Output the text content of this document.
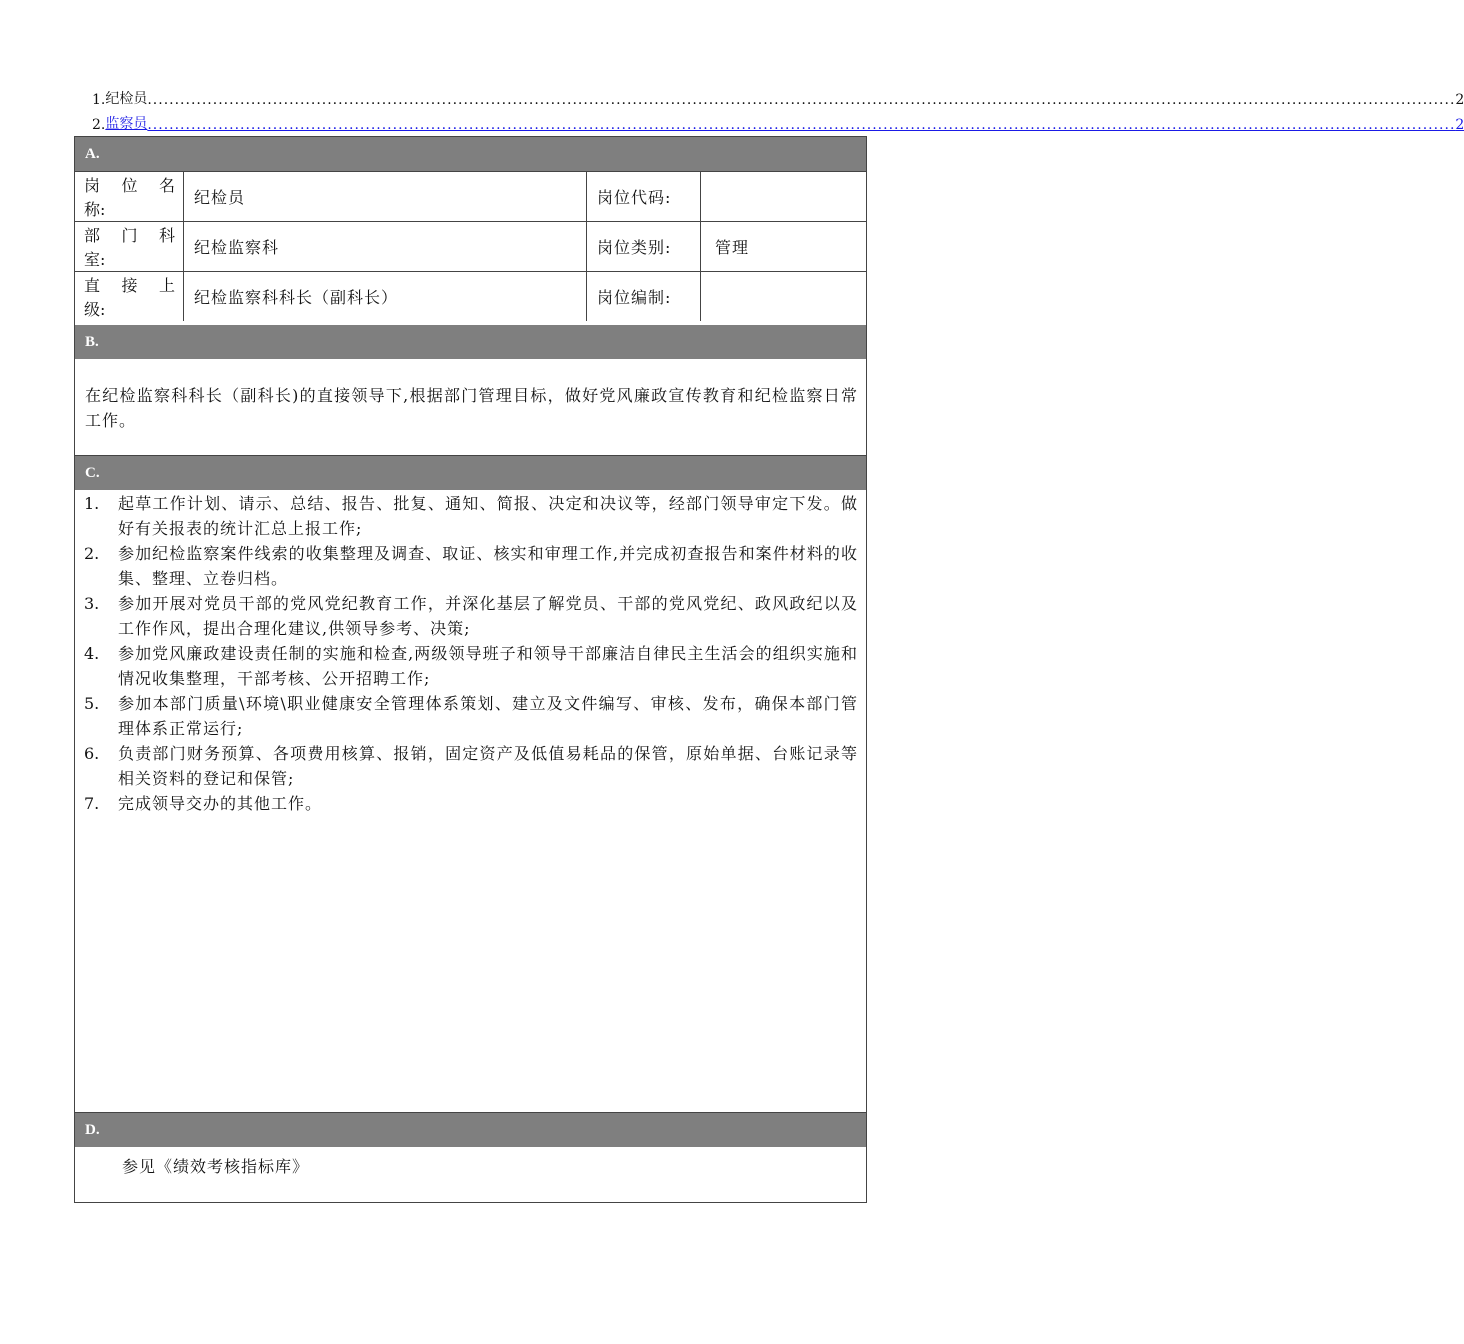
1. 纪检员 ................................................................................................................................................................................................................................................ 2
2. 监察员 ................................................................................................................................................................................................................................................ 2
A.
岗 位 名
称:
纪检员	岗位代码:
部 门 科
室:
纪检监察科	岗位类别:	管理
直 接 上
级:
纪检监察科科长（副科长）	岗位编制:
B.
在纪检监察科科长（副科长)的直接领导下,根据部门管理目标，做好党风廉政宣传教育和纪检监察日常工作。
C.
1.	起草工作计划、请示、总结、报告、批复、通知、简报、决定和决议等，经部门领导审定下发。做好有关报表的统计汇总上报工作;
2.	参加纪检监察案件线索的收集整理及调查、取证、核实和审理工作,并完成初查报告和案件材料的收集、整理、立卷归档。
3.	参加开展对党员干部的党风党纪教育工作，并深化基层了解党员、干部的党风党纪、政风政纪以及工作作风，提出合理化建议,供领导参考、决策;
4.	参加党风廉政建设责任制的实施和检查,两级领导班子和领导干部廉洁自律民主生活会的组织实施和情况收集整理，干部考核、公开招聘工作;
5.	参加本部门质量\环境\职业健康安全管理体系策划、建立及文件编写、审核、发布，确保本部门管理体系正常运行;
6.	负责部门财务预算、各项费用核算、报销，固定资产及低值易耗品的保管，原始单据、台账记录等相关资料的登记和保管;
7.	完成领导交办的其他工作。
D.
参见《绩效考核指标库》
